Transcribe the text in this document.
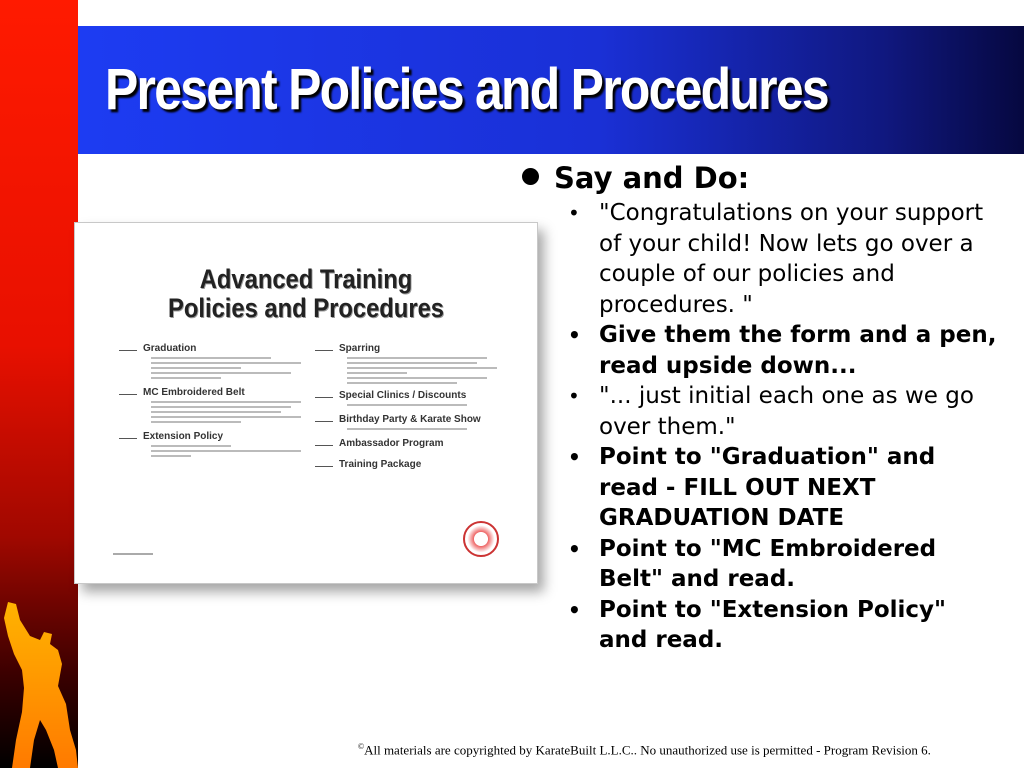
Present Policies and Procedures
Advanced Training
Policies and Procedures
Graduation
MC Embroidered Belt
Extension Policy
Sparring
Special Clinics / Discounts
Birthday Party & Karate Show
Ambassador Program
Training Package
Say and Do:
• "Congratulations on your support of your child! Now lets go over a couple of our policies and procedures. "
• Give them the form and a pen, read upside down...
• "... just initial each one as we go over them."
• Point to "Graduation" and read - FILL OUT NEXT GRADUATION DATE
• Point to "MC Embroidered Belt" and read.
• Point to "Extension Policy" and read.
©All materials are copyrighted by KarateBuilt L.L.C.. No unauthorized use is permitted - Program Revision 6.
